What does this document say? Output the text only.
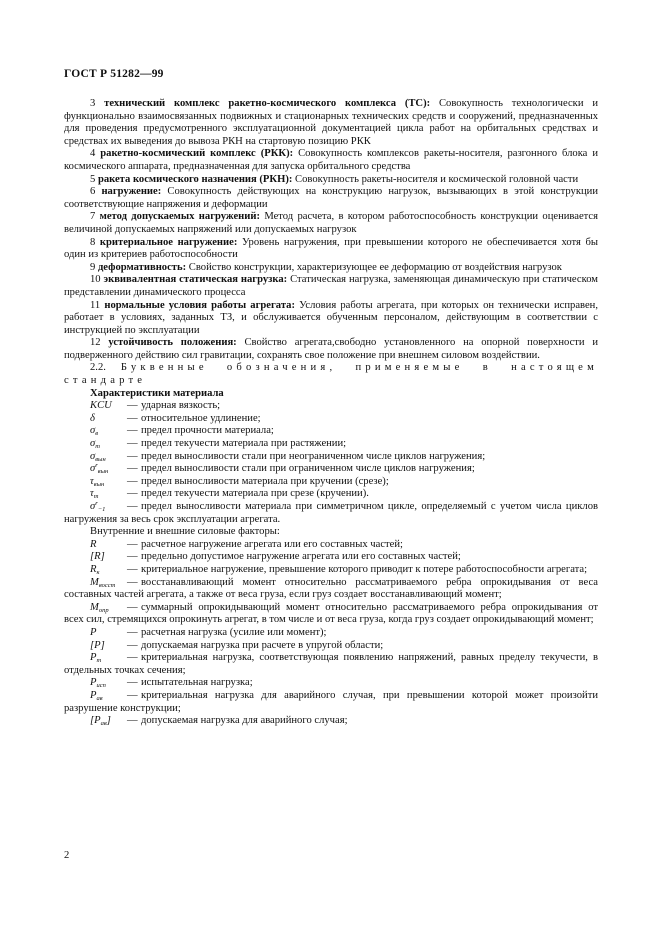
ГОСТ Р 51282—99

3 технический комплекс ракетно-космического комплекса (ТС): Совокупность технологически и функционально взаимосвязанных подвижных и стационарных технических средств и сооружений, предназначенных для проведения предусмотренного эксплуатационной документацией цикла работ на орбитальных средствах и средствах их выведения до вывоза РКН на стартовую позицию РКК

4 ракетно-космический комплекс (РКК): Совокупность комплексов ракеты-носителя, разгонного блока и космического аппарата, предназначенная для запуска орбитального средства

5 ракета космического назначения (РКН): Совокупность ракеты-носителя и космической головной части

6 нагружение: Совокупность действующих на конструкцию нагрузок, вызывающих в этой конструкции соответствующие напряжения и деформации

7 метод допускаемых нагружений: Метод расчета, в котором работоспособность конструкции оценивается величиной допускаемых напряжений или допускаемых нагрузок

8 критериальное нагружение: Уровень нагружения, при превышении которого не обеспечивается хотя бы один из критериев работоспособности

9 деформативность: Свойство конструкции, характеризующее ее деформацию от воздействия нагрузок

10 эквивалентная статическая нагрузка: Статическая нагрузка, заменяющая динамическую при статическом представлении динамического процесса

11 нормальные условия работы агрегата: Условия работы агрегата, при которых он технически исправен, работает в условиях, заданных ТЗ, и обслуживается обученным персоналом, действующим в соответствии с инструкцией по эксплуатации

12 устойчивость положения: Свойство агрегата,свободно установленного на опорной поверхности и подверженного действию сил гравитации, сохранять свое положение при внешнем силовом воздействии.

2.2. Буквенные обозначения, применяемые в настоящем стандарте

Характеристики материала
KCU	— ударная вязкость;
δ	— относительное удлинение;
$\sigma_в$	— предел прочности материала;
$\sigma_т$	— предел текучести материала при растяжении;
$\sigma_{вын}$	— предел выносливости стали при неограниченном числе циклов нагружения;
$\sigma^r_{вын}$	— предел выносливости стали при ограниченном числе циклов нагружения;
$\tau_{вын}$	— предел выносливости материала при кручении (срезе);
$\tau_т$	— предел текучести материала при срезе (кручении).

$\sigma^r_{-1}$ — предел выносливости материала при симметричном цикле, определяемый с учетом числа циклов нагружения за весь срок эксплуатации агрегата.

Внутренние и внешние силовые факторы:

R	— расчетное нагружение агрегата или его составных частей;
[R]	— предельно допустимое нагружение агрегата или его составных частей;

$R_к$	— критериальное нагружение, превышение которого приводит к потере работоспособности агрегата;

$M_{восст}$ — восстанавливающий момент относительно рассматриваемого ребра опрокидывания от веса составных частей агрегата, а также от веса груза, если груз создает восстанавливающий момент;

$M_{опр}$ — суммарный опрокидывающий момент относительно рассматриваемого ребра опрокидывания от всех сил, стремящихся опрокинуть агрегат, в том числе и от веса груза, когда груз создает опрокидывающий момент;

P	— расчетная нагрузка (усилие или момент);
[P]	— допускаемая нагрузка при расчете в упругой области;

$P_т$ — критериальная нагрузка, соответствующая появлению напряжений, равных пределу текучести, в отдельных точках сечения;

$P_{исп}$	— испытательная нагрузка;

$P_{ав}$ — критериальная нагрузка для аварийного случая, при превышении которой может произойти разрушение конструкции;

$[P_{ав}]$	— допускаемая нагрузка для аварийного случая;
2
